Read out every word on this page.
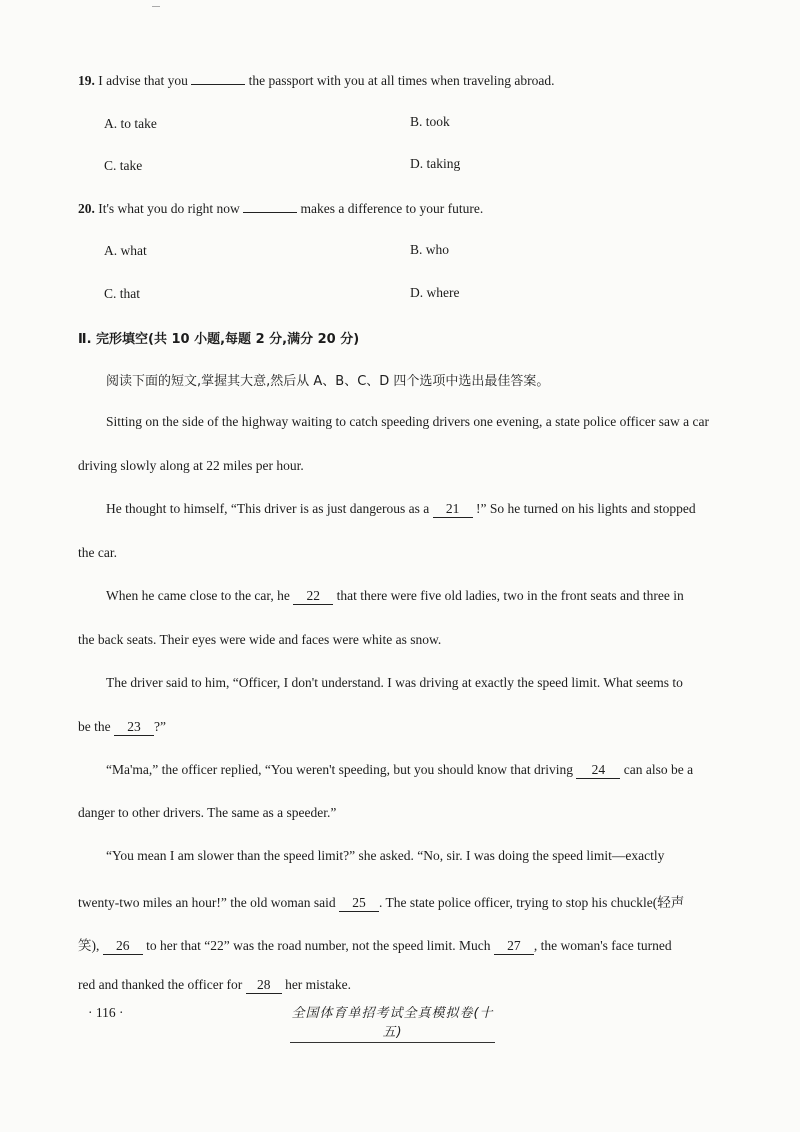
19. I advise that you	the passport with you at all times when traveling abroad.
A. to take	B. took
C. take	D. taking
20. It's what you do right now	makes a difference to your future.
A. what	B. who
C. that	D. where
Ⅱ. 完形填空(共 10 小题,每题 2 分,满分 20 分)
阅读下面的短文,掌握其大意,然后从 A、B、C、D 四个选项中选出最佳答案。
Sitting on the side of the highway waiting to catch speeding drivers one evening, a state police officer saw a car
driving slowly along at 22 miles per hour.
He thought to himself, “This driver is as just dangerous as a 21 !” So he turned on his lights and stopped
the car.
When he came close to the car, he 22 that there were five old ladies, two in the front seats and three in
the back seats. Their eyes were wide and faces were white as snow.
The driver said to him, “Officer, I don't understand. I was driving at exactly the speed limit. What seems to
be the 23 ?”
“Ma'ma,” the officer replied, “You weren't speeding, but you should know that driving 24 can also be a
danger to other drivers. The same as a speeder.”
“You mean I am slower than the speed limit?” she asked. “No, sir. I was doing the speed limit—exactly
twenty-two miles an hour!” the old woman said 25 . The state police officer, trying to stop his chuckle(轻声
笑), 26 to her that “22” was the road number, not the speed limit. Much 27 , the woman's face turned
red and thanked the officer for 28 her mistake.
· 116 ·	全国体育单招考试全真模拟卷(十五)
